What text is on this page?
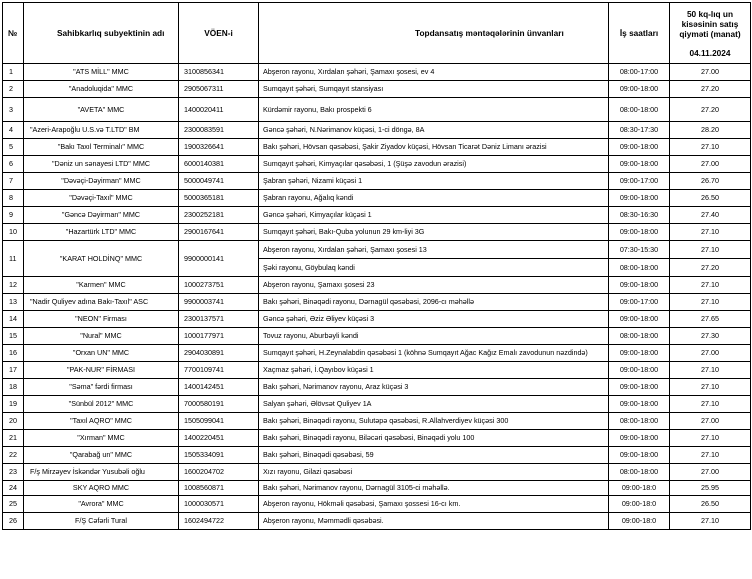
№	Sahibkarlıq subyektinin adı	VÖEN-i	Topdansatış məntəqələrinin ünvanları	İş saatları	50 kq-lıq un kisəsinin satış qiyməti (manat)
04.11.2024

1	"ATS MİLL" MMC	3100856341	Abşeron rayonu, Xırdalan şəhəri, Şamaxı şosesi, ev 4	08:00-17:00	27.00
2	"Anadoluqida" MMC	2905067311	Sumqayıt şəhəri, Sumqayıt stansiyası	09:00-18:00	27.20
3	"AVETA" MMC	1400020411	Kürdəmir rayonu, Bakı prospekti 6	08:00-18:00	27.20
4	"Azeri-Arapoğlu U.S.və T.LTD" BM	2300083591	Gəncə şəhəri, N.Nərimanov küçəsi, 1-ci döngə, 8A	08:30-17:30	28.20
5	"Bakı Taxıl Terminalı" MMC	1900326641	Bakı şəhəri, Hövsan qəsəbəsi, Şakir Ziyadov küçəsi, Hövsan Ticarət Dəniz Limanı ərazisi	09:00-18:00	27.10
6	"Dəniz un sənayesi LTD" MMC	6000140381	Sumqayıt şəhəri, Kimyaçılar qəsəbəsi, 1 (Şüşə zavodun ərazisi)	09:00-18:00	27.00
7	"Dəvəçi-Dəyirman" MMC	5000049741	Şabran şəhəri, Nizami küçəsi 1	09:00-17:00	26.70
8	"Dəvəçi-Taxıl" MMC	5000365181	Şabran rayonu, Ağalıq kəndi	09:00-18:00	26.50
9	"Gəncə Dəyirman" MMC	2300252181	Gəncə şəhəri, Kimyaçılar küçəsi 1	08:30-16:30	27.40
10	"Hazartürk LTD" MMC	2900167641	Sumqayıt şəhəri, Bakı-Quba yolunun 29 km-liyi 3G	09:00-18:00	27.10
11	"KARAT HOLDİNQ" MMC	9900000141	Abşeron rayonu, Xırdalan şəhəri, Şamaxı şosesi 13	07:30-15:30	27.10
			Şəki rayonu, Göybulaq kəndi	08:00-18:00	27.20
12	"Karmen" MMC	1000273751	Abşeron rayonu, Şamaxı şosesi 23	09:00-18:00	27.10
13	"Nadir Quliyev adına Bakı-Taxıl" ASC	9900003741	Bakı şəhəri, Binəqədi rayonu, Dərnagül qəsəbəsi, 2096-cı məhəllə	09:00-17:00	27.10
14	"NEON" Firması	2300137571	Gəncə şəhəri, Əziz Əliyev küçəsi 3	09:00-18:00	27.65
15	"Nural" MMC	1000177971	Tovuz rayonu, Aburbəyli kəndi	08:00-18:00	27.30
16	"Orxan UN" MMC	2904030891	Sumqayıt şəhəri, H.Zeynalabdin qəsəbəsi 1 (köhnə Sumqayıt Ağac Kağız Emalı zavodunun nəzdində)	09:00-18:00	27.00
17	"PAK-NUR" FİRMASI	7700109741	Xaçmaz şəhəri, İ.Qayıbov küçəsi 1	09:00-18:00	27.10
18	"Səma" fərdi firması	1400142451	Bakı şəhəri, Nərimanov rayonu, Araz küçəsi 3	09:00-18:00	27.10
19	"Sünbül 2012" MMC	7000580191	Salyan şəhəri, Əlövsət Quliyev 1A	09:00-18:00	27.10
20	"Taxıl AQRO" MMC	1505099041	Bakı şəhəri, Binəqədi rayonu, Sulutəpə qəsəbəsi, R.Allahverdiyev küçəsi 300	08:00-18:00	27.00
21	"Xırman" MMC	1400220451	Bakı şəhəri, Binəqədi rayonu, Biləcəri qəsəbəsi, Binəqədi yolu 100	09:00-18:00	27.10
22	"Qarabağ un" MMC	1505334091	Bakı şəhəri, Binəqədi qəsəbəsi, 59	09:00-18:00	27.10
23	F/ş Mirzəyev İskəndər Yusubəli oğlu	1600204702	Xızı rayonu, Gilazi qəsəbəsi	08:00-18:00	27.00
24	SKY AQRO MMC	1008560871	Bakı şəhəri, Nərimanov rayonu, Dərnagül 3105-ci məhəllə.	09:00-18:0	25.95
25	"Avrora" MMC	1000030571	Abşeron rayonu, Hökməli qəsəbəsi, Şamaxı şossesi 16-cı km.	09:00-18:0	26.50
26	F/Ş Cəfərli Tural	1602494722	Abşeron rayonu, Məmmədli qəsəbəsi.	09:00-18:0	27.10
